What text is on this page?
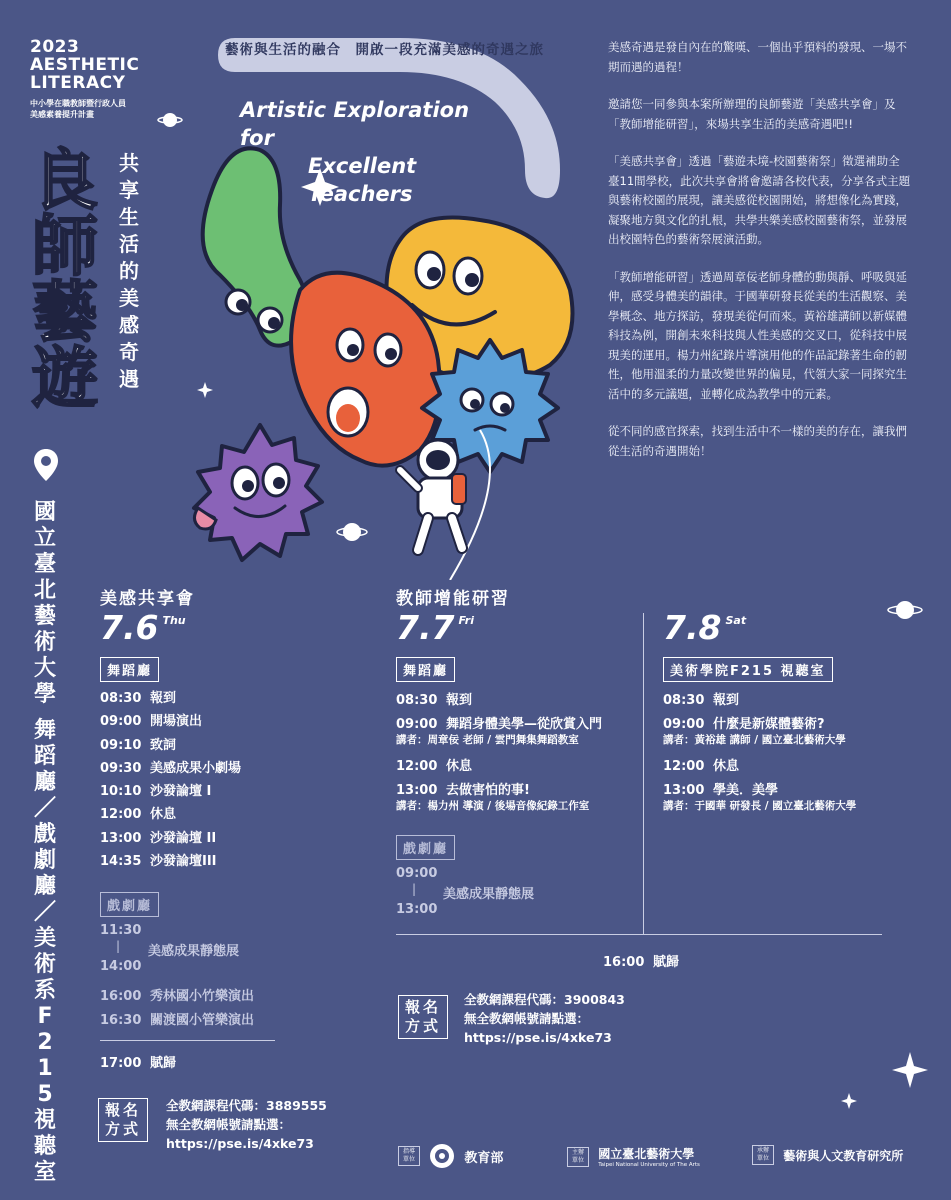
2023
AESTHETIC
LITERACY
中小學在職教師暨行政人員
美感素養提升計畫
良
師
藝
遊
共
享
生
活
的
美
感
奇
遇
國
立
臺
北
藝
術
大
學
舞
蹈
廳
／
戲
劇
廳
／
美
術
系
F
2
1
5
視
聽
室
藝術與生活的融合　開啟一段充滿美感的奇遇之旅
Artistic Exploration for
Excellent Teachers

美感奇遇是發自內在的驚嘆、一個出乎預料的發現、一場不期而遇的過程！

邀請您一同參與本案所辦理的良師藝遊「美感共享會」及「教師增能研習」，來場共享生活的美感奇遇吧!!

「美感共享會」透過「藝遊未境-校園藝術祭」徵選補助全臺11間學校，此次共享會將會邀請各校代表，分享各式主題與藝術校園的展現，讓美感從校園開始，將想像化為實踐，凝聚地方與文化的扎根，共學共樂美感校園藝術祭，並發展出校園特色的藝術祭展演活動。

「教師增能研習」透過周章佞老師身體的動與靜、呼吸與延伸，感受身體美的韻律。于國華研發長從美的生活觀察、美學概念、地方探訪，發現美從何而來。黃裕雄講師以新媒體科技為例，開創未來科技與人性美感的交叉口，從科技中展現美的運用。楊力州紀錄片導演用他的作品記錄著生命的韌性，他用溫柔的力量改變世界的偏見，代領大家一同探究生活中的多元議題，並轉化成為教學中的元素。

從不同的感官探索，找到生活中不一樣的美的存在，讓我們從生活的奇遇開始！

美感共享會
7.6 $^{Thu}$
舞蹈廳
08:30 報到
09:00 開場演出
09:10 致詞
09:30 美感成果小劇場
10:10 沙發論壇 I
12:00 休息
13:00 沙發論壇 II
14:35 沙發論壇III
戲劇廳
11:30
| 美感成果靜態展
14:00
16:00 秀林國小竹樂演出
16:30 關渡國小管樂演出
17:00 賦歸
報名
方式
全教網課程代碼：3889555
無全教網帳號請點選：
https://pse.is/4xke73
教師增能研習
7.7 $^{Fri}$
舞蹈廳
08:30 報到
09:00 舞蹈身體美學—從欣賞入門
講者：周章佞 老師 / 雲門舞集舞蹈教室
12:00 休息
13:00 去做害怕的事!
講者：楊力州 導演 / 後場音像紀錄工作室
戲劇廳
09:00
| 美感成果靜態展
13:00
16:00 賦歸
報名
方式
全教網課程代碼：3900843
無全教網帳號請點選：
https://pse.is/4xke73
7.8 $^{Sat}$
美術學院F215 視聽室
08:30 報到
09:00 什麼是新媒體藝術?
講者：黃裕雄 講師 / 國立臺北藝術大學
12:00 休息
13:00 學美．美學
講者：于國華 研發長 / 國立臺北藝術大學
指導單位	教育部	主辦單位 國立臺北藝術大學
Taipei National University of The Arts
承辦單位 藝術與人文教育研究所
